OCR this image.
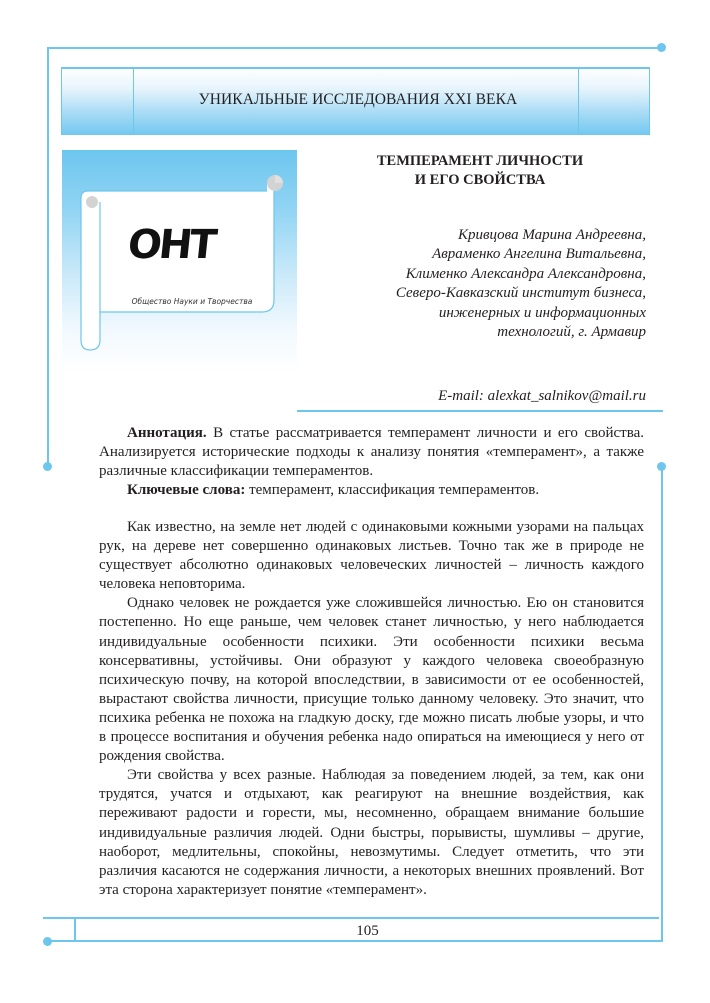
УНИКАЛЬНЫЕ ИССЛЕДОВАНИЯ XXI ВЕКА
ОНТ
Общество Науки и Творчества
ТЕМПЕРАМЕНТ ЛИЧНОСТИ
И ЕГО СВОЙСТВА
Кривцова Марина Андреевна,
Авраменко Ангелина Витальевна,
Клименко Александра Александровна,
Северо-Кавказский институт бизнеса,
инженерных и информационных
технологий, г. Армавир
E-mail: alexkat_salnikov@mail.ru

Аннотация. В статье рассматривается темперамент личности и его свойства. Анализируется исторические подходы к анализу понятия «темперамент», а также различные классификации темпераментов.

Ключевые слова: темперамент, классификация темпераментов.

Как известно, на земле нет людей с одинаковыми кожными узорами на пальцах рук, на дереве нет совершенно одинаковых листьев. Точно так же в природе не существует абсолютно одинаковых человеческих личностей – личность каждого человека неповторима.

Однако человек не рождается уже сложившейся личностью. Ею он становится постепенно. Но еще раньше, чем человек станет личностью, у него наблюдается индивидуальные особенности психики. Эти особенности психики весьма консервативны, устойчивы. Они образуют у каждого человека своеобразную психическую почву, на которой впоследствии, в зависимости от ее особенностей, вырастают свойства личности, присущие только данному человеку. Это значит, что психика ребенка не похожа на гладкую доску, где можно писать любые узоры, и что в процессе воспитания и обучения ребенка надо опираться на имеющиеся у него от рождения свойства.

Эти свойства у всех разные. Наблюдая за поведением людей, за тем, как они трудятся, учатся и отдыхают, как реагируют на внешние воздействия, как переживают радости и горести, мы, несомненно, обращаем внимание большие индивидуальные различия людей. Одни быстры, порывисты, шумливы – другие, наоборот, медлительны, спокойны, невозмутимы. Следует отметить, что эти различия касаются не содержания личности, а некоторых внешних проявлений. Вот эта сторона характеризует понятие «темперамент».

105
